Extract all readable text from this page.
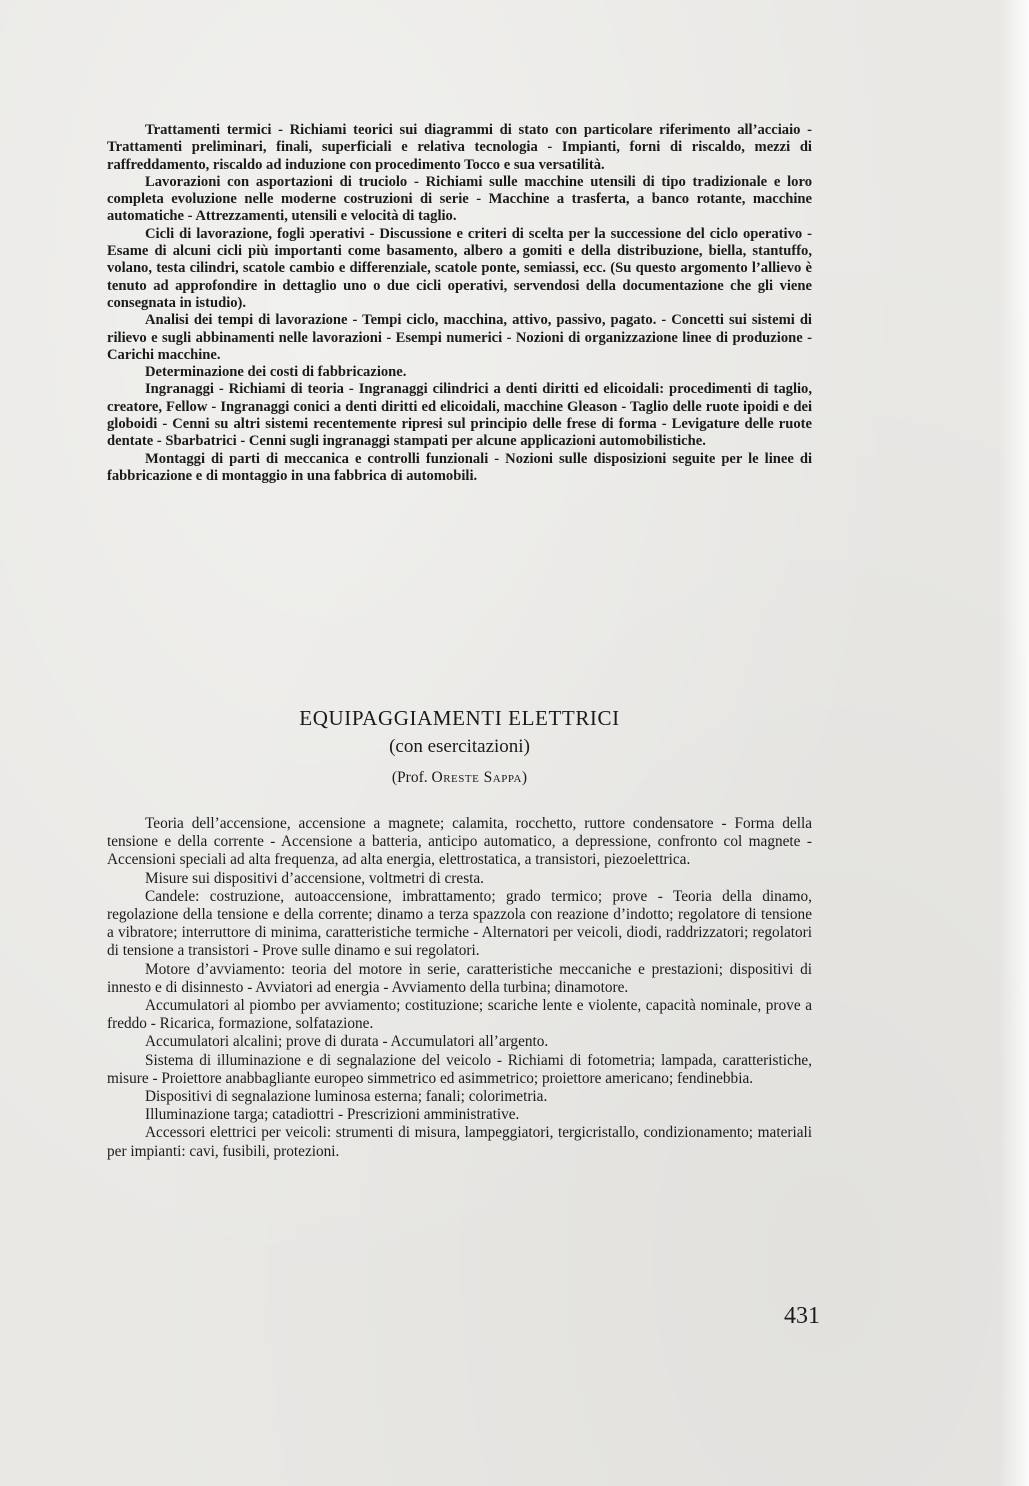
Trattamenti termici - Richiami teorici sui diagrammi di stato con particolare riferimento all’acciaio - Trattamenti preliminari, finali, superficiali e relativa tecnologia - Impianti, forni di riscaldo, mezzi di raffreddamento, riscaldo ad induzione con procedimento Tocco e sua versatilità.

Lavorazioni con asportazioni di truciolo - Richiami sulle macchine utensili di tipo tradizionale e loro completa evoluzione nelle moderne costruzioni di serie - Macchine a trasferta, a banco rotante, macchine automatiche - Attrezzamenti, utensili e velocità di taglio.

Cicli di lavorazione, fogli ɔperativi - Discussione e criteri di scelta per la successione del ciclo operativo - Esame di alcuni cicli più importanti come basamento, albero a gomiti e della distribuzione, biella, stantuffo, volano, testa cilindri, scatole cambio e differenziale, scatole ponte, semiassi, ecc. (Su questo argomento l’allievo è tenuto ad approfondire in dettaglio uno o due cicli operativi, servendosi della documentazione che gli viene consegnata in istudio).

Analisi dei tempi di lavorazione - Tempi ciclo, macchina, attivo, passivo, pagato. - Concetti sui sistemi di rilievo e sugli abbinamenti nelle lavorazioni - Esempi numerici - Nozioni di organizzazione linee di produzione - Carichi macchine.

Determinazione dei costi di fabbricazione.

Ingranaggi - Richiami di teoria - Ingranaggi cilindrici a denti diritti ed elicoidali: procedimenti di taglio, creatore, Fellow - Ingranaggi conici a denti diritti ed elicoidali, macchine Gleason - Taglio delle ruote ipoidi e dei globoidi - Cenni su altri sistemi recentemente ripresi sul principio delle frese di forma - Levigature delle ruote dentate - Sbarbatrici - Cenni sugli ingranaggi stampati per alcune applicazioni automobilistiche.

Montaggi di parti di meccanica e controlli funzionali - Nozioni sulle disposizioni seguite per le linee di fabbricazione e di montaggio in una fabbrica di automobili.

EQUIPAGGIAMENTI ELETTRICI
(con esercitazioni)
(Prof. Oreste Sappa)

Teoria dell’accensione, accensione a magnete; calamita, rocchetto, ruttore condensatore - Forma della tensione e della corrente - Accensione a batteria, anticipo automatico, a depressione, confronto col magnete - Accensioni speciali ad alta frequenza, ad alta energia, elettrostatica, a transistori, piezoelettrica.

Misure sui dispositivi d’accensione, voltmetri di cresta.

Candele: costruzione, autoaccensione, imbrattamento; grado termico; prove - Teoria della dinamo, regolazione della tensione e della corrente; dinamo a terza spazzola con reazione d’indotto; regolatore di tensione a vibratore; interruttore di minima, caratteristiche termiche - Alternatori per veicoli, diodi, raddrizzatori; regolatori di tensione a transistori - Prove sulle dinamo e sui regolatori.

Motore d’avviamento: teoria del motore in serie, caratteristiche meccaniche e prestazioni; dispositivi di innesto e di disinnesto - Avviatori ad energia - Avviamento della turbina; dinamotore.

Accumulatori al piombo per avviamento; costituzione; scariche lente e violente, capacità nominale, prove a freddo - Ricarica, formazione, solfatazione.

Accumulatori alcalini; prove di durata - Accumulatori all’argento.

Sistema di illuminazione e di segnalazione del veicolo - Richiami di fotometria; lampada, caratteristiche, misure - Proiettore anabbagliante europeo simmetrico ed asimmetrico; proiettore americano; fendinebbia.

Dispositivi di segnalazione luminosa esterna; fanali; colorimetria.

Illuminazione targa; catadiottri - Prescrizioni amministrative.

Accessori elettrici per veicoli: strumenti di misura, lampeggiatori, tergicristallo, condizionamento; materiali per impianti: cavi, fusibili, protezioni.

431
